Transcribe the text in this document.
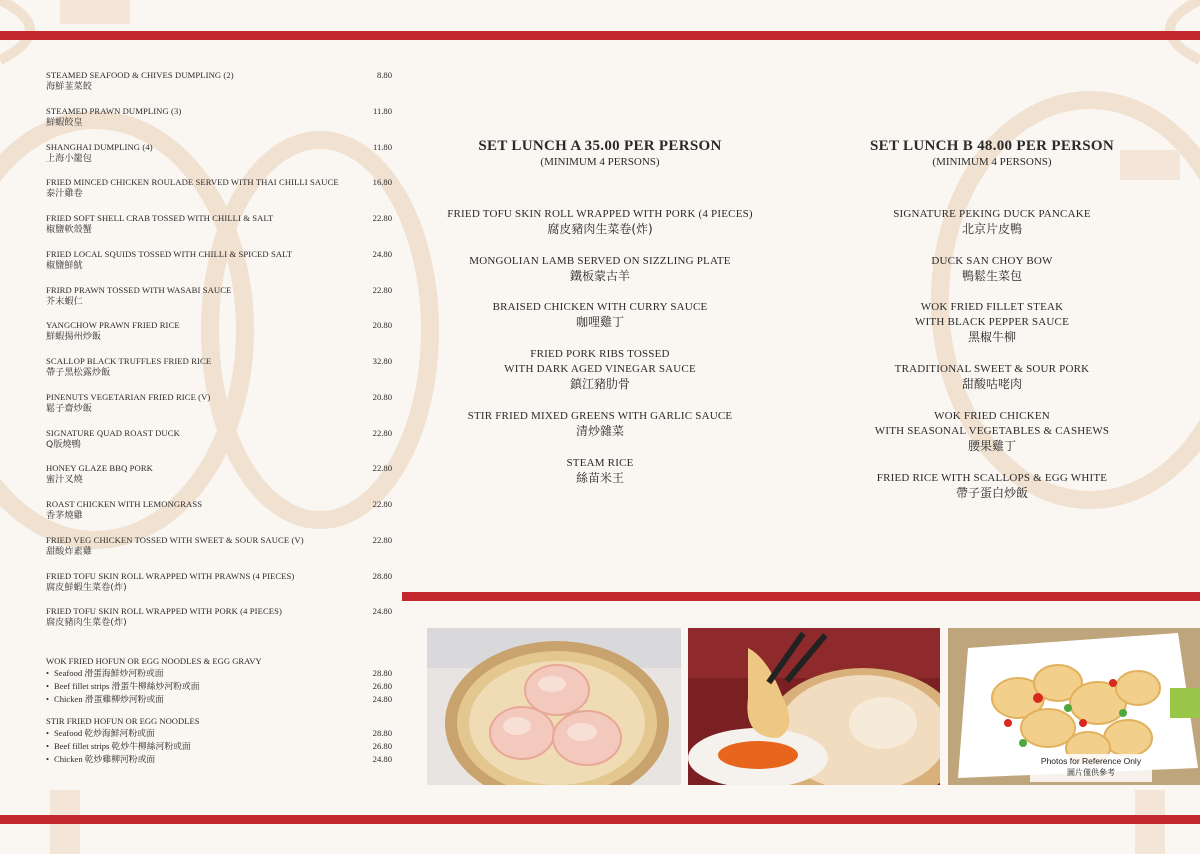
STEAMED SEAFOOD & CHIVES DUMPLING (2)
海鮮韮菜餃
8.80
STEAMED PRAWN DUMPLING (3)
鮮蝦餃皇
11.80
SHANGHAI DUMPLING (4)
上海小籠包
11.80
FRIED MINCED CHICKEN ROULADE SERVED WITH THAI CHILLI SAUCE
泰汁雞卷
16.80
FRIED SOFT SHELL CRAB TOSSED WITH CHILLI & SALT
椒鹽軟殼蟹
22.80
FRIED LOCAL SQUIDS TOSSED WITH CHILLI & SPICED SALT
椒鹽鮮魷
24.80
FRIRD PRAWN TOSSED WITH WASABI SAUCE
芥末蝦仁
22.80
YANGCHOW PRAWN FRIED RICE
鮮蝦揚州炒飯
20.80
SCALLOP BLACK TRUFFLES FRIED RICE
帶子黑松露炒飯
32.80
PINENUTS VEGETARIAN FRIED RICE (V)
鬆子齋炒飯
20.80
SIGNATURE QUAD ROAST DUCK
Q版燒鴨
22.80
HONEY GLAZE BBQ PORK
蜜汁叉燒
22.80
ROAST CHICKEN WITH LEMONGRASS
香茅燒雞
22.80
FRIED VEG CHICKEN TOSSED WITH SWEET & SOUR SAUCE (V)
甜酸炸素雞
22.80
FRIED TOFU SKIN ROLL WRAPPED WITH PRAWNS (4 PIECES)
腐皮鮮蝦生菜卷(炸)
28.80
FRIED TOFU SKIN ROLL WRAPPED WITH PORK (4 PIECES)
腐皮豬肉生菜卷(炸)
24.80
WOK FRIED HOFUN OR EGG NOODLES & EGG GRAVY
• Seafood 滑蛋海鮮炒河粉或面	28.80
• Beef fillet strips 滑蛋牛柳絲炒河粉或面	26.80
• Chicken 滑蛋雞柳炒河粉或面	24.80
STIR FRIED HOFUN OR EGG NOODLES
• Seafood 乾炒海鮮河粉或面	28.80
• Beef fillet strips 乾炒牛柳絲河粉或面	26.80
• Chicken 乾炒雞柳河粉或面	24.80
SET LUNCH A 35.00 PER PERSON
(MINIMUM 4 PERSONS)
FRIED TOFU SKIN ROLL WRAPPED WITH PORK (4 PIECES)
腐皮豬肉生菜卷(炸)
MONGOLIAN LAMB SERVED ON SIZZLING PLATE
鐵板蒙古羊
BRAISED CHICKEN WITH CURRY SAUCE
咖哩雞丁
FRIED PORK RIBS TOSSED
WITH DARK AGED VINEGAR SAUCE
鎮江豬肋骨
STIR FRIED MIXED GREENS WITH GARLIC SAUCE
清炒雜菜
STEAM RICE
絲苗米王
SET LUNCH B 48.00 PER PERSON
(MINIMUM 4 PERSONS)
SIGNATURE PEKING DUCK PANCAKE
北京片皮鴨
DUCK SAN CHOY BOW
鴨鬆生菜包
WOK FRIED FILLET STEAK
WITH BLACK PEPPER SAUCE
黑椒牛柳
TRADITIONAL SWEET & SOUR PORK
甜酸咕咾肉
WOK FRIED CHICKEN
WITH SEASONAL VEGETABLES & CASHEWS
腰果雞丁
FRIED RICE WITH SCALLOPS & EGG WHITE
帶子蛋白炒飯
Photos for Reference Only
圖片僅供參考
